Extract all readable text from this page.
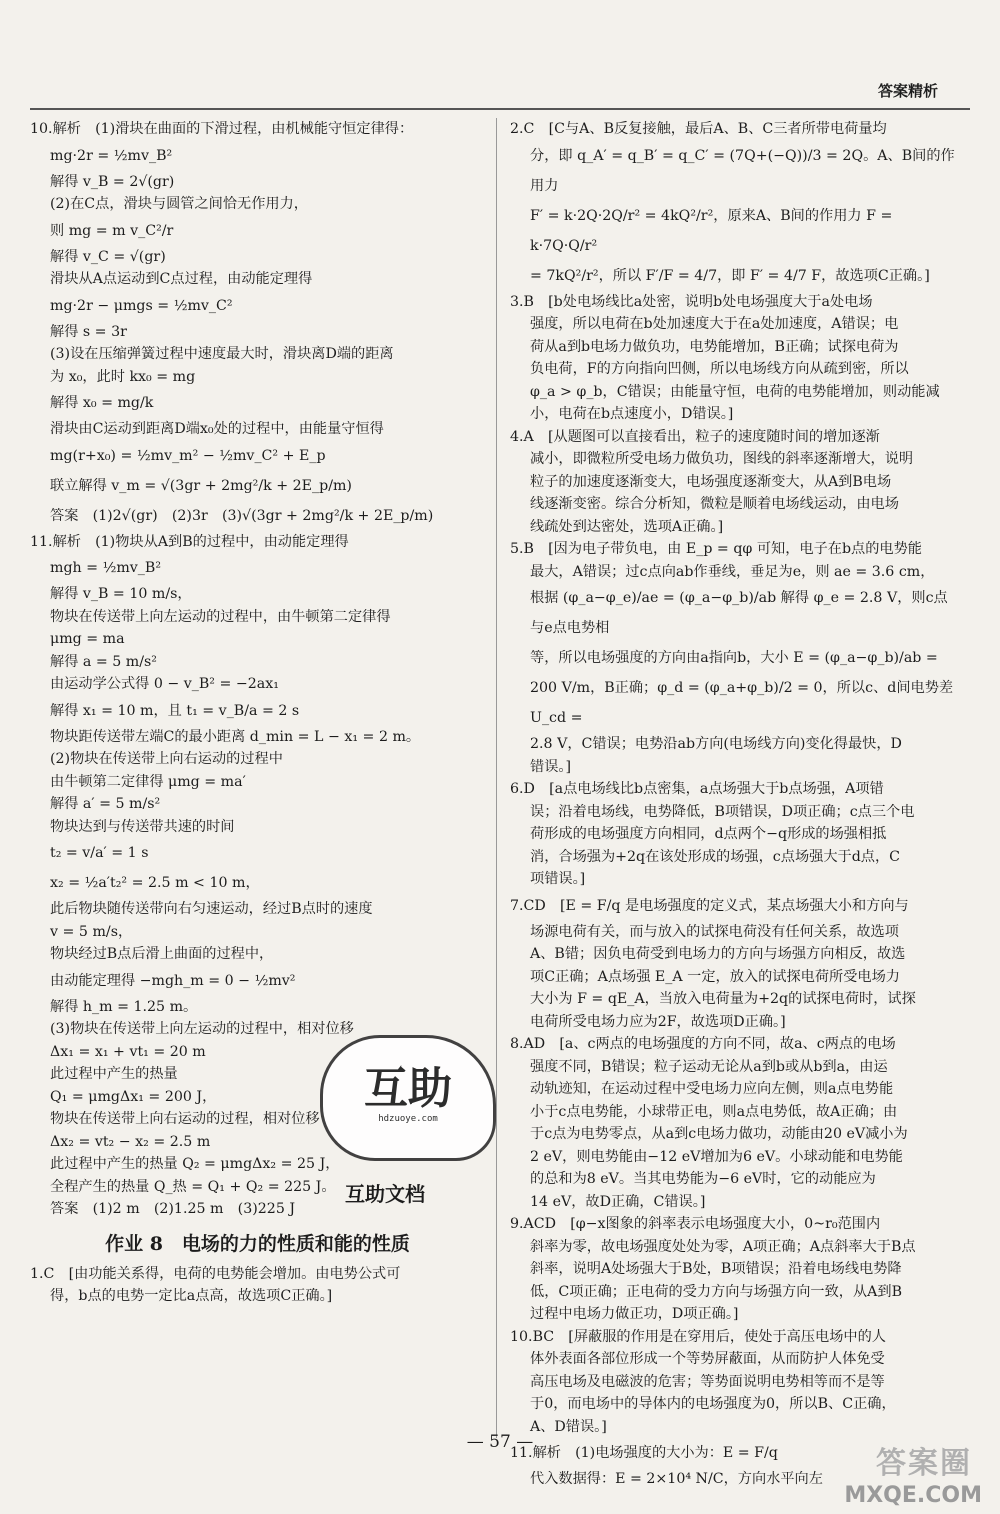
答案精析
10.解析　(1)滑块在曲面的下滑过程，由机械能守恒定律得：
mg·2r = ½mv_B²
解得 v_B = 2√(gr)
(2)在C点，滑块与圆管之间恰无作用力，
则 mg = m v_C²/r
解得 v_C = √(gr)
滑块从A点运动到C点过程，由动能定理得
mg·2r − μmgs = ½mv_C²
解得 s = 3r
(3)设在压缩弹簧过程中速度最大时，滑块离D端的距离
为 x₀，此时 kx₀ = mg
解得 x₀ = mg/k
滑块由C运动到距离D端x₀处的过程中，由能量守恒得
mg(r+x₀) = ½mv_m² − ½mv_C² + E_p
联立解得 v_m = √(3gr + 2mg²/k + 2E_p/m)
答案　(1)2√(gr)　(2)3r　(3)√(3gr + 2mg²/k + 2E_p/m)
11.解析　(1)物块从A到B的过程中，由动能定理得
mgh = ½mv_B²
解得 v_B = 10 m/s，
物块在传送带上向左运动的过程中，由牛顿第二定律得
μmg = ma
解得 a = 5 m/s²
由运动学公式得 0 − v_B² = −2ax₁
解得 x₁ = 10 m，且 t₁ = v_B/a = 2 s
物块距传送带左端C的最小距离 d_min = L − x₁ = 2 m。
(2)物块在传送带上向右运动的过程中
由牛顿第二定律得 μmg = ma′
解得 a′ = 5 m/s²
物块达到与传送带共速的时间
t₂ = v/a′ = 1 s
x₂ = ½a′t₂² = 2.5 m < 10 m，
此后物块随传送带向右匀速运动，经过B点时的速度
v = 5 m/s，
物块经过B点后滑上曲面的过程中，
由动能定理得 −mgh_m = 0 − ½mv²
解得 h_m = 1.25 m。
(3)物块在传送带上向左运动的过程中，相对位移
Δx₁ = x₁ + vt₁ = 20 m
此过程中产生的热量
Q₁ = μmgΔx₁ = 200 J，
物块在传送带上向右运动的过程，相对位移
Δx₂ = vt₂ − x₂ = 2.5 m
此过程中产生的热量 Q₂ = μmgΔx₂ = 25 J，
全程产生的热量 Q_热 = Q₁ + Q₂ = 225 J。
答案　(1)2 m　(2)1.25 m　(3)225 J
作业 8　电场的力的性质和能的性质
1.C　[由功能关系得，电荷的电势能会增加。由电势公式可
得，b点的电势一定比a点高，故选项C正确。]
2.C　[C与A、B反复接触，最后A、B、C三者所带电荷量均
分，即 q_A′ = q_B′ = q_C′ = (7Q+(−Q))/3 = 2Q。A、B间的作用力
F′ = k·2Q·2Q/r² = 4kQ²/r²，原来A、B间的作用力 F = k·7Q·Q/r²
= 7kQ²/r²，所以 F′/F = 4/7，即 F′ = 4/7 F，故选项C正确。]
3.B　[b处电场线比a处密，说明b处电场强度大于a处电场
强度，所以电荷在b处加速度大于在a处加速度，A错误；电
荷从a到b电场力做负功，电势能增加，B正确；试探电荷为
负电荷，F的方向指向凹侧，所以电场线方向从疏到密，所以
φ_a > φ_b，C错误；由能量守恒，电荷的电势能增加，则动能减
小，电荷在b点速度小，D错误。]
4.A　[从题图可以直接看出，粒子的速度随时间的增加逐渐
减小，即微粒所受电场力做负功，图线的斜率逐渐增大，说明
粒子的加速度逐渐变大，电场强度逐渐变大，从A到B电场
线逐渐变密。综合分析知，微粒是顺着电场线运动，由电场
线疏处到达密处，选项A正确。]
5.B　[因为电子带负电，由 E_p = qφ 可知，电子在b点的电势能
最大，A错误；过c点向ab作垂线，垂足为e，则 ae = 3.6 cm，
根据 (φ_a−φ_e)/ae = (φ_a−φ_b)/ab 解得 φ_e = 2.8 V，则c点与e点电势相
等，所以电场强度的方向由a指向b，大小 E = (φ_a−φ_b)/ab =
200 V/m，B正确；φ_d = (φ_a+φ_b)/2 = 0，所以c、d间电势差 U_cd =
2.8 V，C错误；电势沿ab方向(电场线方向)变化得最快，D
错误。]
6.D　[a点电场线比b点密集，a点场强大于b点场强，A项错
误；沿着电场线，电势降低，B项错误，D项正确；c点三个电
荷形成的电场强度方向相同，d点两个−q形成的场强相抵
消，合场强为+2q在该处形成的场强，c点场强大于d点，C
项错误。]
7.CD　[E = F/q 是电场强度的定义式，某点场强大小和方向与
场源电荷有关，而与放入的试探电荷没有任何关系，故选项
A、B错；因负电荷受到电场力的方向与场强方向相反，故选
项C正确；A点场强 E_A 一定，放入的试探电荷所受电场力
大小为 F = qE_A，当放入电荷量为+2q的试探电荷时，试探
电荷所受电场力应为2F，故选项D正确。]
8.AD　[a、c两点的电场强度的方向不同，故a、c两点的电场
强度不同，B错误；粒子运动无论从a到b或从b到a，由运
动轨迹知，在运动过程中受电场力应向左侧，则a点电势能
小于c点电势能，小球带正电，则a点电势低，故A正确；由
于c点为电势零点，从a到c电场力做功，动能由20 eV减小为
2 eV，则电势能由−12 eV增加为6 eV。小球动能和电势能
的总和为8 eV。当其电势能为−6 eV时，它的动能应为
14 eV，故D正确，C错误。]
9.ACD　[φ−x图象的斜率表示电场强度大小，0~r₀范围内
斜率为零，故电场强度处处为零，A项正确；A点斜率大于B点
斜率，说明A处场强大于B处，B项错误；沿着电场线电势降
低，C项正确；正电荷的受力方向与场强方向一致，从A到B
过程中电场力做正功，D项正确。]
10.BC　[屏蔽服的作用是在穿用后，使处于高压电场中的人
体外表面各部位形成一个等势屏蔽面，从而防护人体免受
高压电场及电磁波的危害；等势面说明电势相等而不是等
于0，而电场中的导体内的电场强度为0，所以B、C正确，
A、D错误。]
11.解析　(1)电场强度的大小为：E = F/q
代入数据得：E = 2×10⁴ N/C，方向水平向左
互助
hdzuoye.com
互助文档
— 57 —
答案圈
MXQE.COM
